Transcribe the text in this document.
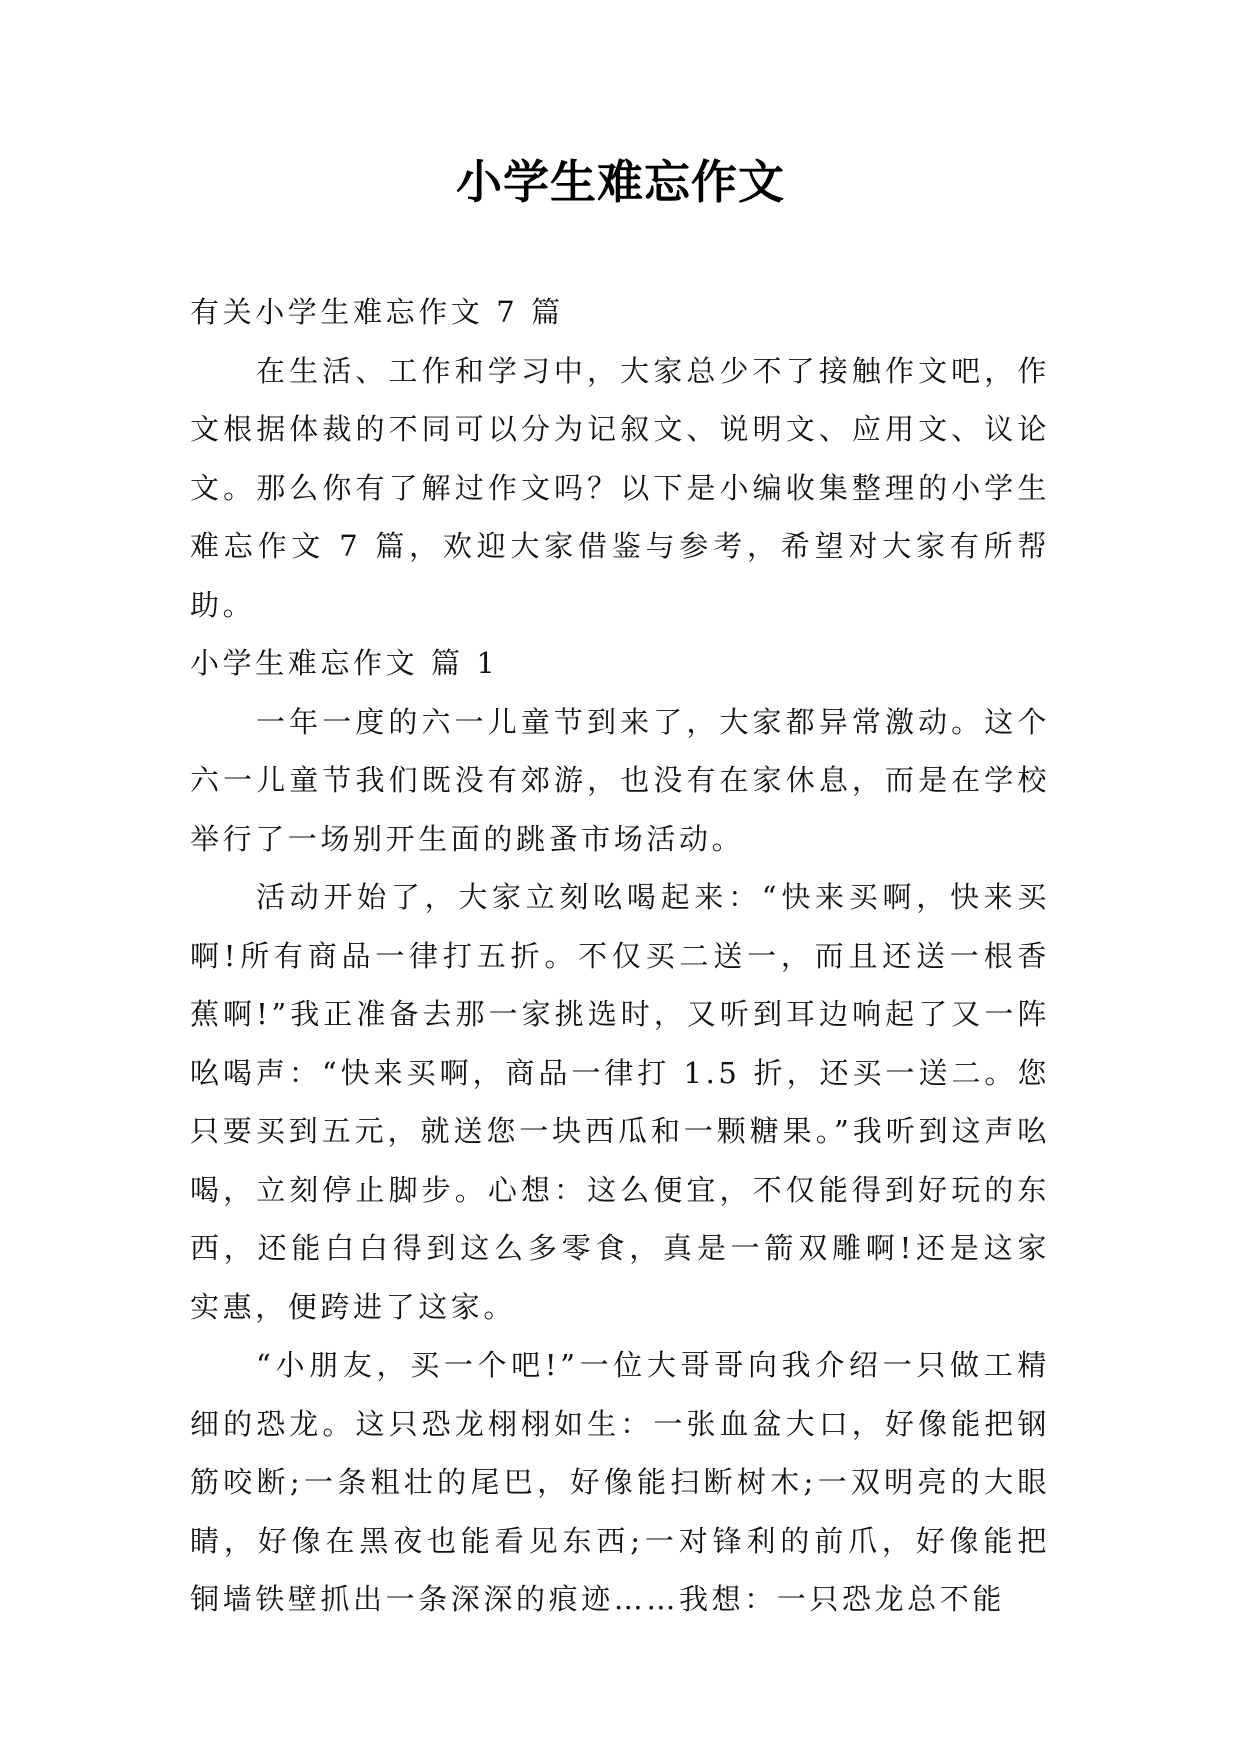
小学生难忘作文

有关小学生难忘作文 7 篇

在生活、工作和学习中，大家总少不了接触作文吧，作文根据体裁的不同可以分为记叙文、说明文、应用文、议论文。那么你有了解过作文吗？以下是小编收集整理的小学生难忘作文 7 篇，欢迎大家借鉴与参考，希望对大家有所帮助。

小学生难忘作文 篇 1

一年一度的六一儿童节到来了，大家都异常激动。这个六一儿童节我们既没有郊游，也没有在家休息，而是在学校举行了一场别开生面的跳蚤市场活动。

活动开始了，大家立刻吆喝起来：“快来买啊，快来买啊!所有商品一律打五折。不仅买二送一，而且还送一根香蕉啊!”我正准备去那一家挑选时，又听到耳边响起了又一阵吆喝声：“快来买啊，商品一律打 1.5 折，还买一送二。您只要买到五元，就送您一块西瓜和一颗糖果。”我听到这声吆喝，立刻停止脚步。心想：这么便宜，不仅能得到好玩的东西，还能白白得到这么多零食，真是一箭双雕啊!还是这家实惠，便跨进了这家。

“小朋友，买一个吧!”一位大哥哥向我介绍一只做工精细的恐龙。这只恐龙栩栩如生：一张血盆大口，好像能把钢筋咬断;一条粗壮的尾巴，好像能扫断树木;一双明亮的大眼睛，好像在黑夜也能看见东西;一对锋利的前爪，好像能把铜墙铁壁抓出一条深深的痕迹……我想：一只恐龙总不能
